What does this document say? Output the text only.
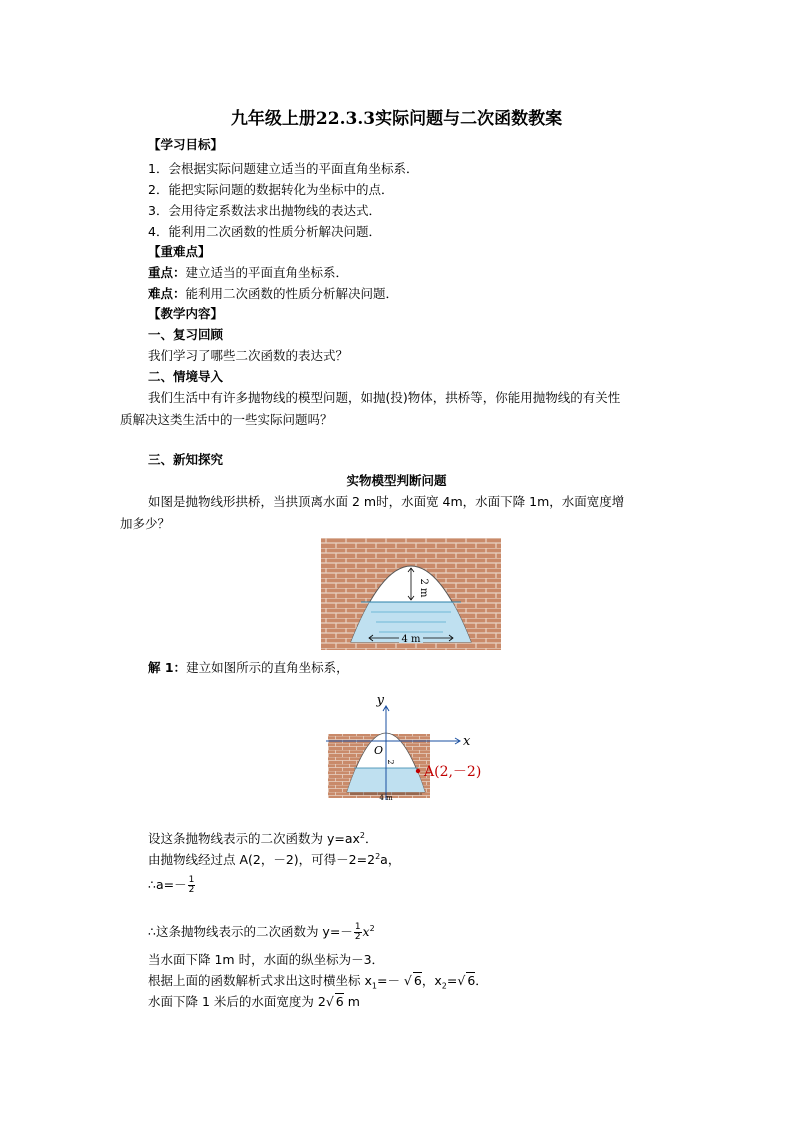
九年级上册22.3.3实际问题与二次函数教案
【学习目标】
1．会根据实际问题建立适当的平面直角坐标系．
2．能把实际问题的数据转化为坐标中的点．
3．会用待定系数法求出抛物线的表达式．
4．能利用二次函数的性质分析解决问题．
【重难点】
重点：建立适当的平面直角坐标系．
难点：能利用二次函数的性质分析解决问题．
【教学内容】
一、复习回顾
我们学习了哪些二次函数的表达式？
二、情境导入
我们生活中有许多抛物线的模型问题，如抛(投)物体，拱桥等，你能用抛物线的有关性
质解决这类生活中的一些实际问题吗？
三、新知探究
实物模型判断问题
如图是抛物线形拱桥，当拱顶离水面 2 m时，水面宽 4m，水面下降 1m，水面宽度增
加多少？
2 m
4 m
解 1：建立如图所示的直角坐标系，
y
x
O
2
4 m
A(2,－2)
设这条抛物线表示的二次函数为 $y=ax^2$．
由抛物线经过点 A(2，－2)，可得$-2=2^2a$，
∴a=－ $\frac{1}{2}$
∴这条抛物线表示的二次函数为 $y=- \frac{1}{2} x^2$
当水面下降 1m 时，水面的纵坐标为－3．
根据上面的函数解析式求出这时横坐标 $x_1=-$ √ 6，$x_2=√$ 6．
水面下降 1 米后的水面宽度为 2√ 6 m
